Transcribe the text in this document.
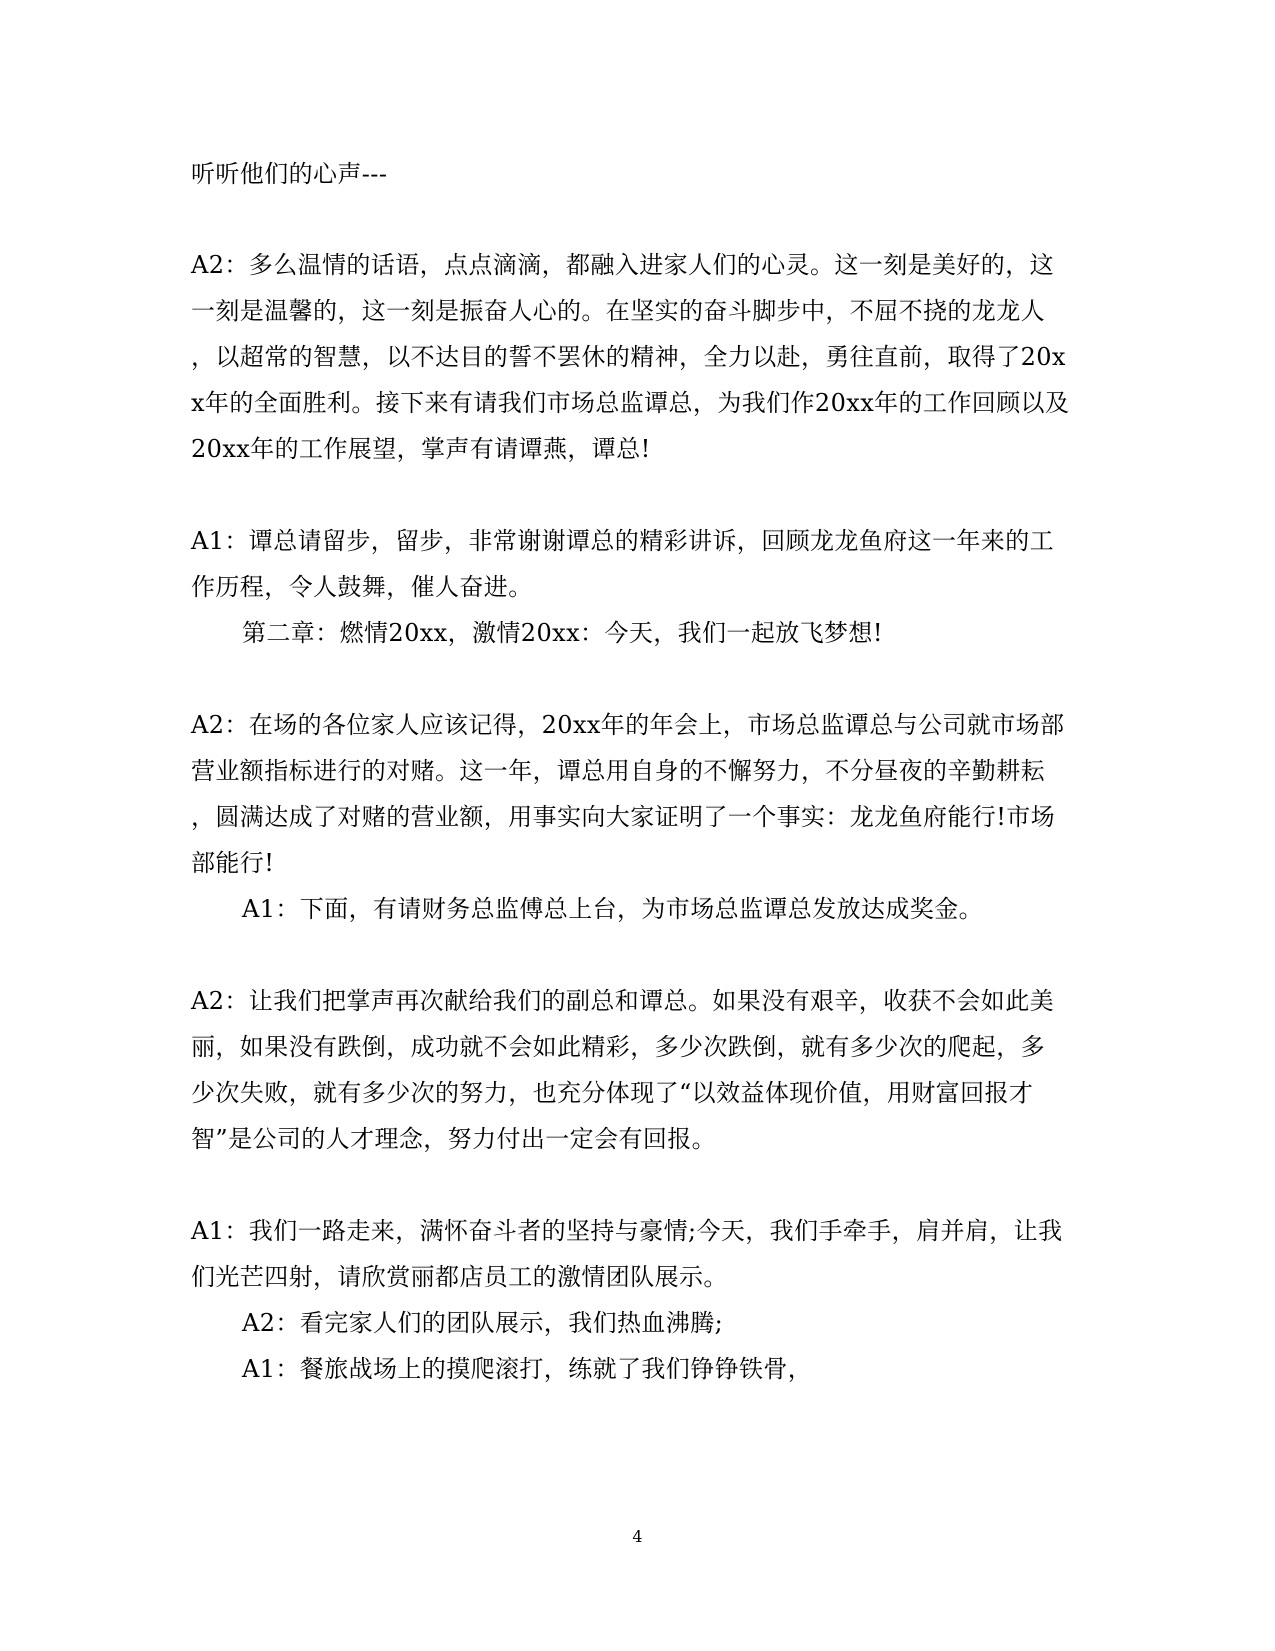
听听他们的心声---
A2：多么温情的话语，点点滴滴，都融入进家人们的心灵。这一刻是美好的，这
一刻是温馨的，这一刻是振奋人心的。在坚实的奋斗脚步中，不屈不挠的龙龙人
，以超常的智慧，以不达目的誓不罢休的精神，全力以赴，勇往直前，取得了20x
x年的全面胜利。接下来有请我们市场总监谭总，为我们作20xx年的工作回顾以及
20xx年的工作展望，掌声有请谭燕，谭总!
A1：谭总请留步，留步，非常谢谢谭总的精彩讲诉，回顾龙龙鱼府这一年来的工
作历程，令人鼓舞，催人奋进。
第二章：燃情20xx，激情20xx：今天，我们一起放飞梦想!
A2：在场的各位家人应该记得，20xx年的年会上，市场总监谭总与公司就市场部
营业额指标进行的对赌。这一年，谭总用自身的不懈努力，不分昼夜的辛勤耕耘
，圆满达成了对赌的营业额，用事实向大家证明了一个事实：龙龙鱼府能行!市场
部能行!
A1：下面，有请财务总监傅总上台，为市场总监谭总发放达成奖金。
A2：让我们把掌声再次献给我们的副总和谭总。如果没有艰辛，收获不会如此美
丽，如果没有跌倒，成功就不会如此精彩，多少次跌倒，就有多少次的爬起，多
少次失败，就有多少次的努力，也充分体现了“以效益体现价值，用财富回报才
智”是公司的人才理念，努力付出一定会有回报。
A1：我们一路走来，满怀奋斗者的坚持与豪情;今天，我们手牵手，肩并肩，让我
们光芒四射，请欣赏丽都店员工的激情团队展示。
A2：看完家人们的团队展示，我们热血沸腾;
A1：餐旅战场上的摸爬滚打，练就了我们铮铮铁骨，
4
